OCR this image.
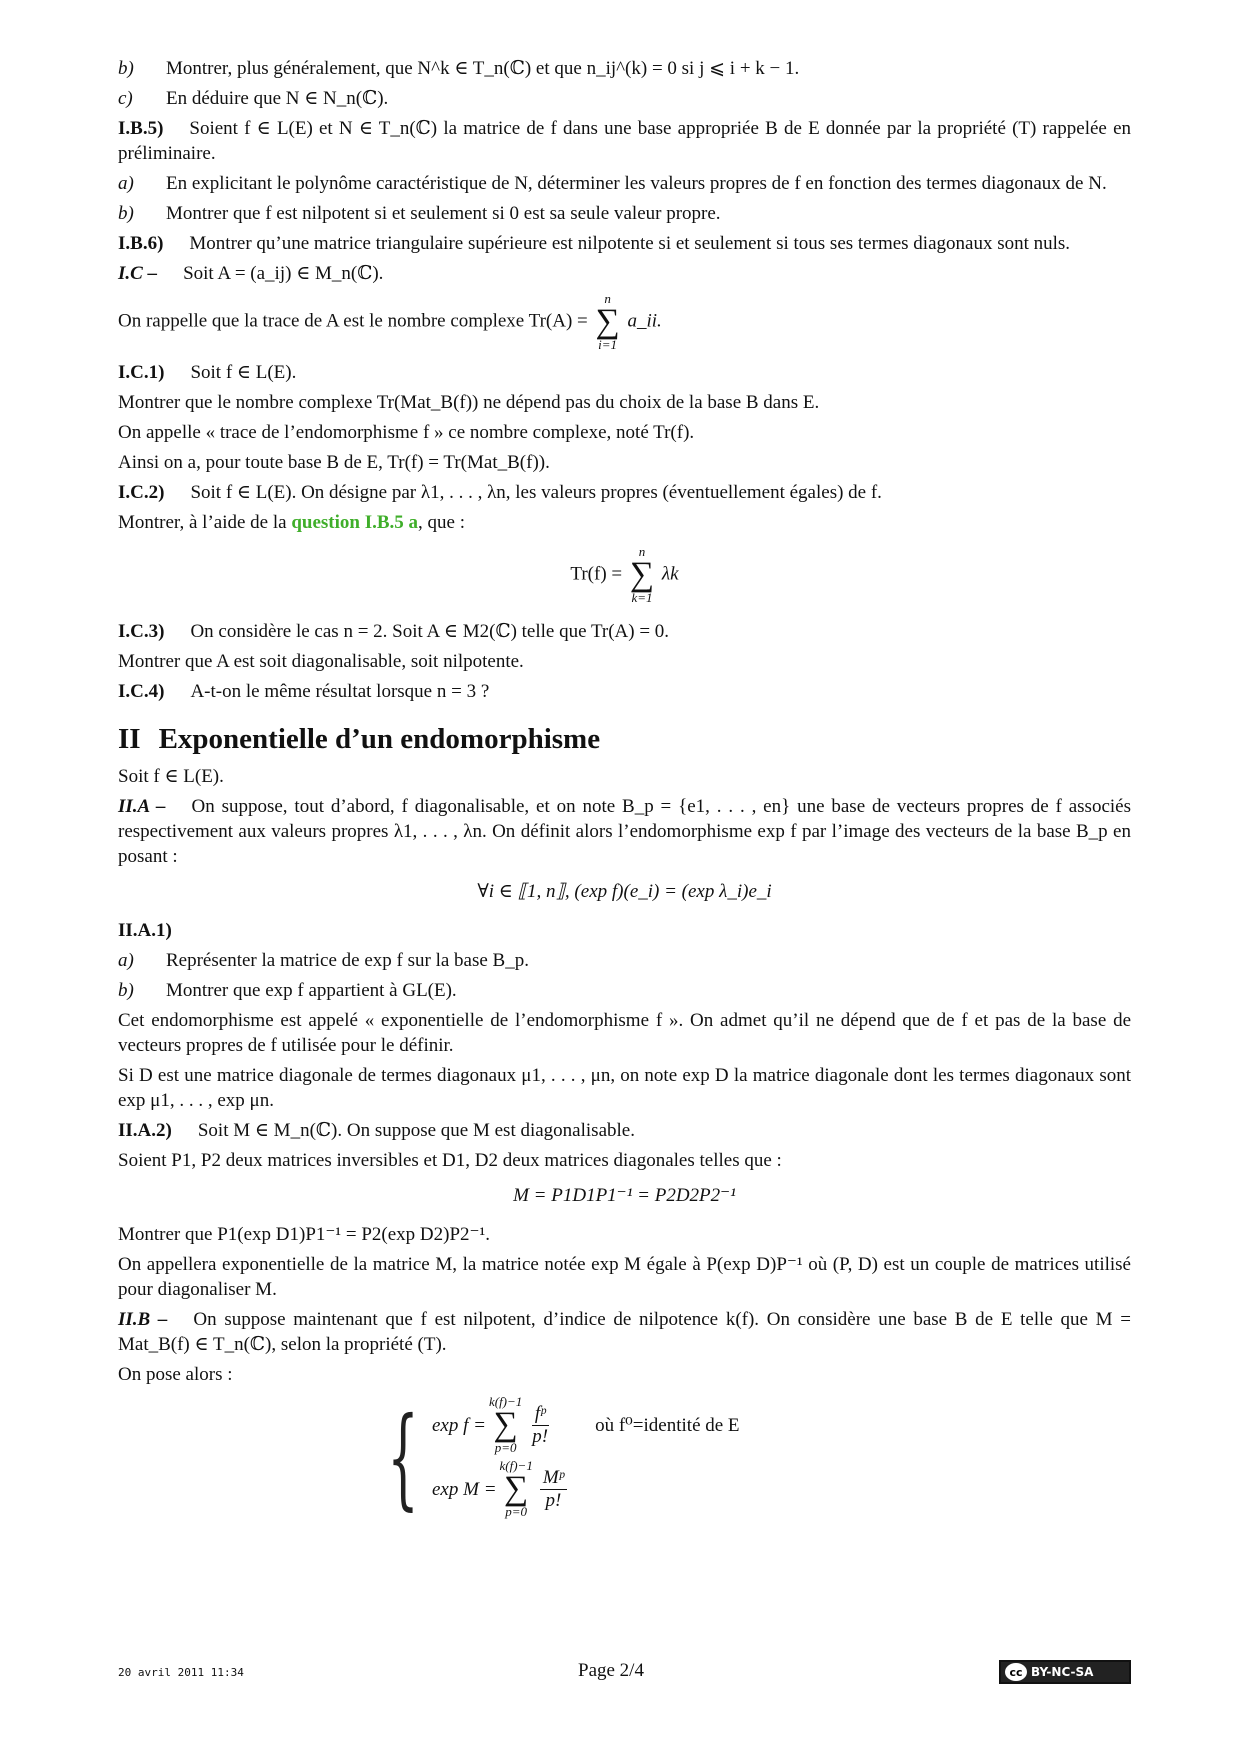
b) Montrer, plus généralement, que N^k ∈ T_n(ℂ) et que n_ij^(k) = 0 si j ⩽ i + k − 1.

c) En déduire que N ∈ N_n(ℂ).

I.B.5) Soient f ∈ L(E) et N ∈ T_n(ℂ) la matrice de f dans une base appropriée B de E donnée par la propriété (T) rappelée en préliminaire.

a) En explicitant le polynôme caractéristique de N, déterminer les valeurs propres de f en fonction des termes diagonaux de N.

b) Montrer que f est nilpotent si et seulement si 0 est sa seule valeur propre.

I.B.6) Montrer qu’une matrice triangulaire supérieure est nilpotente si et seulement si tous ses termes diagonaux sont nuls.

I.C – Soit A = (a_ij) ∈ M_n(ℂ).

On rappelle que la trace de A est le nombre complexe Tr(A) =
n
∑
i=1
a_ii.

I.C.1) Soit f ∈ L(E).

Montrer que le nombre complexe Tr(Mat_B(f)) ne dépend pas du choix de la base B dans E.

On appelle « trace de l’endomorphisme f » ce nombre complexe, noté Tr(f).

Ainsi on a, pour toute base B de E, Tr(f) = Tr(Mat_B(f)).

I.C.2) Soit f ∈ L(E). On désigne par λ1, . . . , λn, les valeurs propres (éventuellement égales) de f.

Montrer, à l’aide de la question I.B.5 a, que :

Tr(f) =
n
∑
k=1
λk

I.C.3) On considère le cas n = 2. Soit A ∈ M2(ℂ) telle que Tr(A) = 0.

Montrer que A est soit diagonalisable, soit nilpotente.

I.C.4) A-t-on le même résultat lorsque n = 3 ?

II Exponentielle d’un endomorphisme

Soit f ∈ L(E).

II.A – On suppose, tout d’abord, f diagonalisable, et on note B_p = {e1, . . . , en} une base de vecteurs propres de f associés respectivement aux valeurs propres λ1, . . . , λn. On définit alors l’endomorphisme exp f par l’image des vecteurs de la base B_p en posant :

∀i ∈ ⟦1, n⟧, (exp f)(e_i) = (exp λ_i)e_i

II.A.1)

a) Représenter la matrice de exp f sur la base B_p.

b) Montrer que exp f appartient à GL(E).

Cet endomorphisme est appelé « exponentielle de l’endomorphisme f ». On admet qu’il ne dépend que de f et pas de la base de vecteurs propres de f utilisée pour le définir.

Si D est une matrice diagonale de termes diagonaux μ1, . . . , μn, on note exp D la matrice diagonale dont les termes diagonaux sont exp μ1, . . . , exp μn.

II.A.2) Soit M ∈ M_n(ℂ). On suppose que M est diagonalisable.

Soient P1, P2 deux matrices inversibles et D1, D2 deux matrices diagonales telles que :

M = P1D1P1⁻¹ = P2D2P2⁻¹

Montrer que P1(exp D1)P1⁻¹ = P2(exp D2)P2⁻¹.

On appellera exponentielle de la matrice M, la matrice notée exp M égale à P(exp D)P⁻¹ où (P, D) est un couple de matrices utilisé pour diagonaliser M.

II.B – On suppose maintenant que f est nilpotent, d’indice de nilpotence k(f). On considère une base B de E telle que M = Mat_B(f) ∈ T_n(ℂ), selon la propriété (T).

On pose alors :

{ exp f =
k(f)−1
∑
$p=0 \frac{\text{fᵖ}}{p!}$ où f⁰=identité de E
exp M =
k(f)−1
∑
$p=0 \frac{\text{Mᵖ}}{p!}$
20 avril 2011 11:34	Page 2/4	cc BY-NC-SA
